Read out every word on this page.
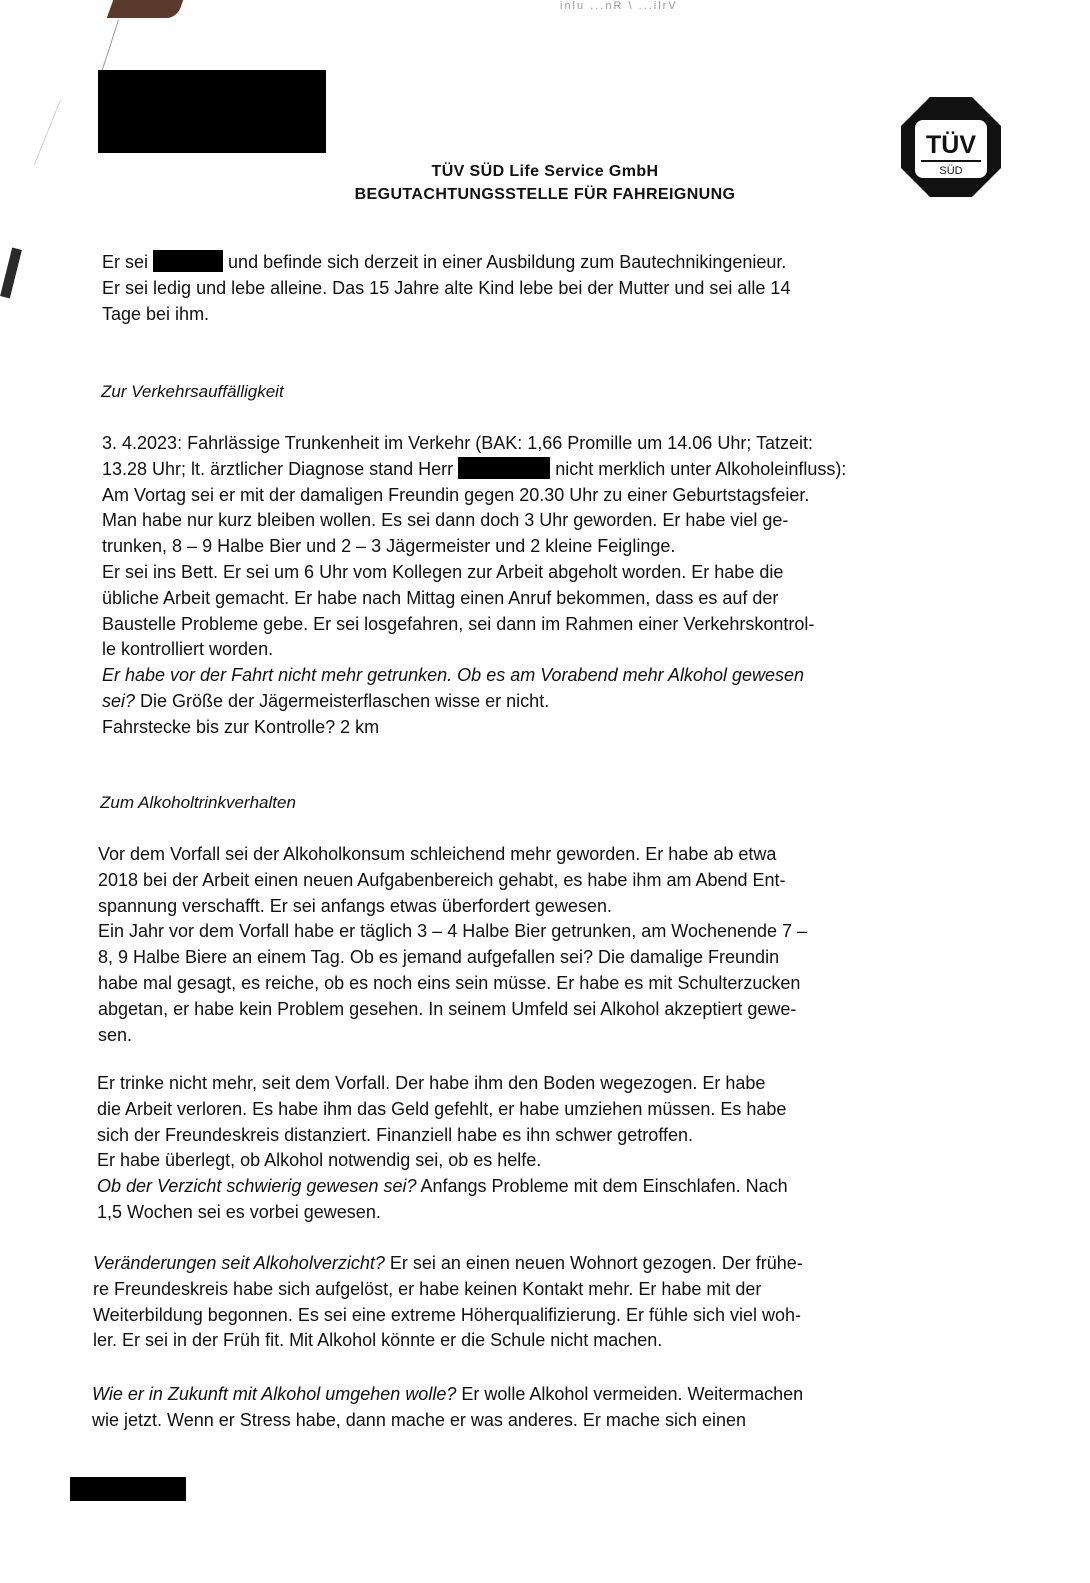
inlu ...nR \ ...ilrV
TÜV SÜD Life Service GmbH
BEGUTACHTUNGSSTELLE FÜR FAHREIGNUNG
TÜV
SÜD
Er sei	und befinde sich derzeit in einer Ausbildung zum Bautechnikingenieur.
Er sei ledig und lebe alleine. Das 15 Jahre alte Kind lebe bei der Mutter und sei alle 14
Tage bei ihm.
Zur Verkehrsauffälligkeit
3. 4.2023: Fahrlässige Trunkenheit im Verkehr (BAK: 1,66 Promille um 14.06 Uhr; Tatzeit:
13.28 Uhr; lt. ärztlicher Diagnose stand Herr	nicht merklich unter Alkoholeinfluss):
Am Vortag sei er mit der damaligen Freundin gegen 20.30 Uhr zu einer Geburtstagsfeier.
Man habe nur kurz bleiben wollen. Es sei dann doch 3 Uhr geworden. Er habe viel ge-
trunken, 8 – 9 Halbe Bier und 2 – 3 Jägermeister und 2 kleine Feiglinge.
Er sei ins Bett. Er sei um 6 Uhr vom Kollegen zur Arbeit abgeholt worden. Er habe die
übliche Arbeit gemacht. Er habe nach Mittag einen Anruf bekommen, dass es auf der
Baustelle Probleme gebe. Er sei losgefahren, sei dann im Rahmen einer Verkehrskontrol-
le kontrolliert worden.
Er habe vor der Fahrt nicht mehr getrunken. Ob es am Vorabend mehr Alkohol gewesen
sei? Die Größe der Jägermeisterflaschen wisse er nicht.
Fahrstecke bis zur Kontrolle? 2 km
Zum Alkoholtrinkverhalten
Vor dem Vorfall sei der Alkoholkonsum schleichend mehr geworden. Er habe ab etwa
2018 bei der Arbeit einen neuen Aufgabenbereich gehabt, es habe ihm am Abend Ent-
spannung verschafft. Er sei anfangs etwas überfordert gewesen.
Ein Jahr vor dem Vorfall habe er täglich 3 – 4 Halbe Bier getrunken, am Wochenende 7 –
8, 9 Halbe Biere an einem Tag. Ob es jemand aufgefallen sei? Die damalige Freundin
habe mal gesagt, es reiche, ob es noch eins sein müsse. Er habe es mit Schulterzucken
abgetan, er habe kein Problem gesehen. In seinem Umfeld sei Alkohol akzeptiert gewe-
sen.
Er trinke nicht mehr, seit dem Vorfall. Der habe ihm den Boden wegezogen. Er habe
die Arbeit verloren. Es habe ihm das Geld gefehlt, er habe umziehen müssen. Es habe
sich der Freundeskreis distanziert. Finanziell habe es ihn schwer getroffen.
Er habe überlegt, ob Alkohol notwendig sei, ob es helfe.
Ob der Verzicht schwierig gewesen sei? Anfangs Probleme mit dem Einschlafen. Nach
1,5 Wochen sei es vorbei gewesen.
Veränderungen seit Alkoholverzicht? Er sei an einen neuen Wohnort gezogen. Der frühe-
re Freundeskreis habe sich aufgelöst, er habe keinen Kontakt mehr. Er habe mit der
Weiterbildung begonnen. Es sei eine extreme Höherqualifizierung. Er fühle sich viel woh-
ler. Er sei in der Früh fit. Mit Alkohol könnte er die Schule nicht machen.
Wie er in Zukunft mit Alkohol umgehen wolle? Er wolle Alkohol vermeiden. Weitermachen
wie jetzt. Wenn er Stress habe, dann mache er was anderes. Er mache sich einen
